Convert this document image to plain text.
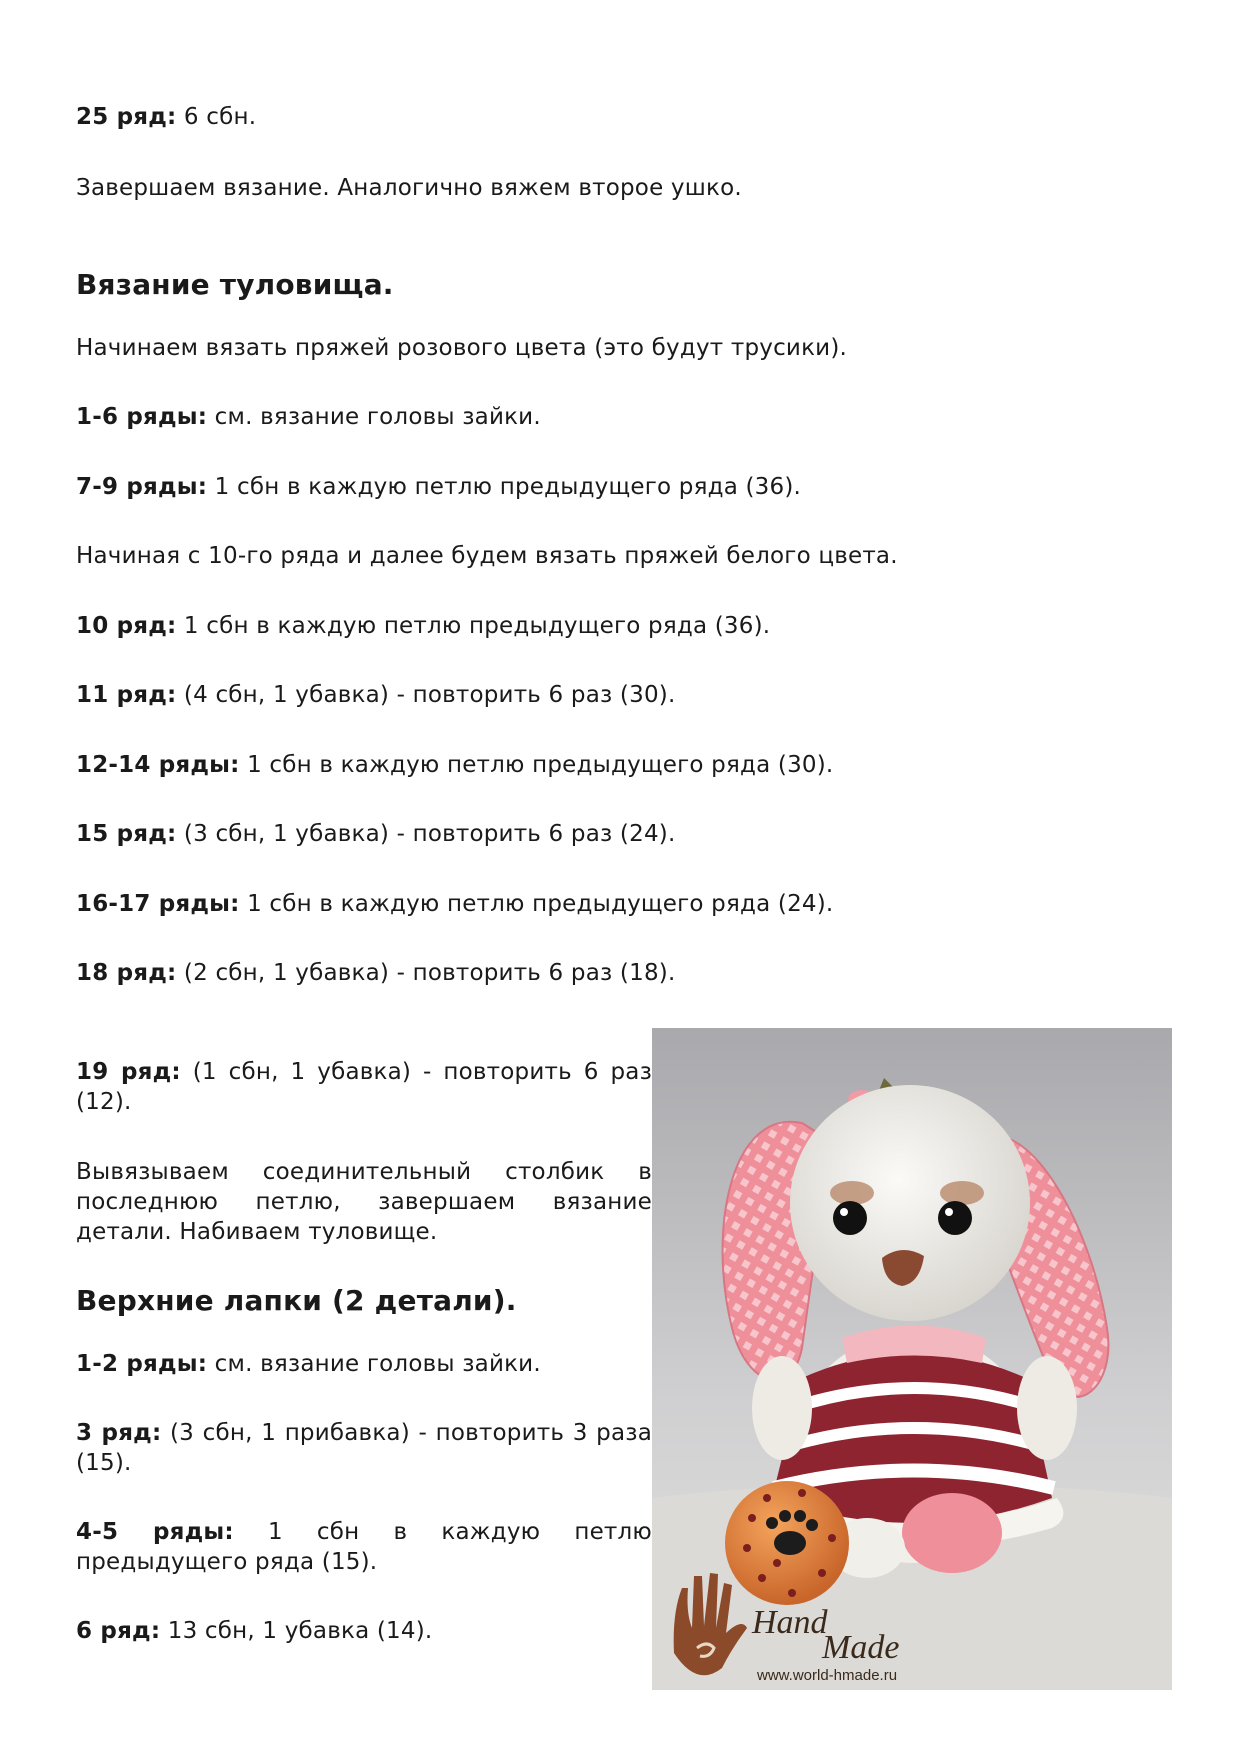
25 ряд: 6 сбн.

Завершаем вязание. Аналогично вяжем второе ушко.

Вязание туловища.

Начинаем вязать пряжей розового цвета (это будут трусики).

1-6 ряды: см. вязание головы зайки.

7-9 ряды: 1 сбн в каждую петлю предыдущего ряда (36).

Начиная с 10-го ряда и далее будем вязать пряжей белого цвета.

10 ряд: 1 сбн в каждую петлю предыдущего ряда (36).

11 ряд: (4 сбн, 1 убавка) - повторить 6 раз (30).

12-14 ряды: 1 сбн в каждую петлю предыдущего ряда (30).

15 ряд: (3 сбн, 1 убавка) - повторить 6 раз (24).

16-17 ряды: 1 сбн в каждую петлю предыдущего ряда (24).

18 ряд: (2 сбн, 1 убавка) - повторить 6 раз (18).

19 ряд: (1 сбн, 1 убавка) - повторить 6 раз (12).

Вывязываем соединительный столбик в последнюю петлю, завершаем вязание детали. Набиваем туловище.

Верхние лапки (2 детали).

1-2 ряды: см. вязание головы зайки.

3 ряд: (3 сбн, 1 прибавка) - повторить 3 раза (15).

4-5 ряды: 1 сбн в каждую петлю предыдущего ряда (15).

6 ряд: 13 сбн, 1 убавка (14).	Hand
Made
www.world-hmade.ru
